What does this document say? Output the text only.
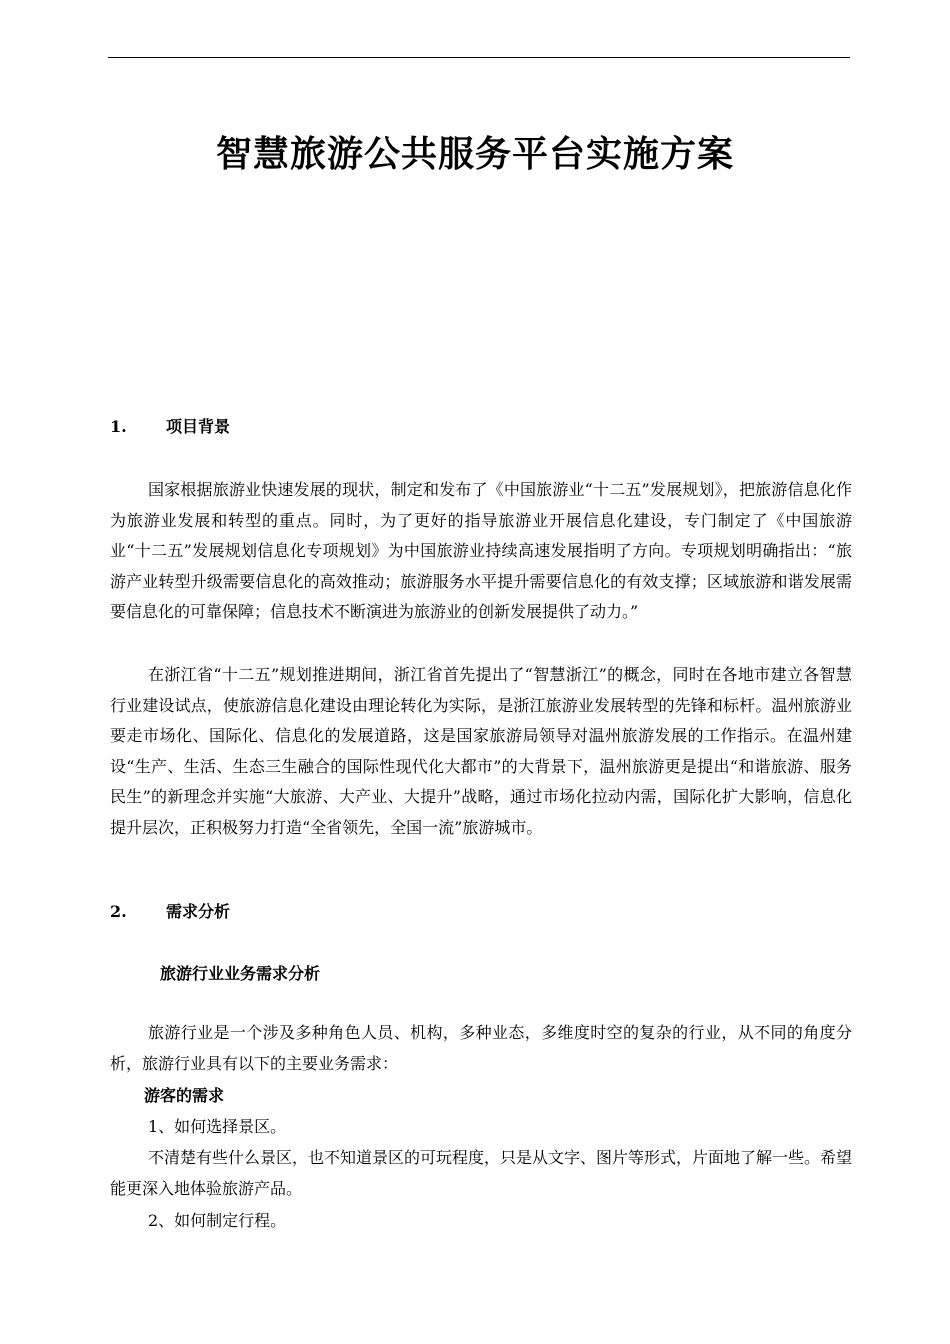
智慧旅游公共服务平台实施方案
1. 项目背景

国家根据旅游业快速发展的现状，制定和发布了《中国旅游业“十二五”发展规划》，把旅游信息化作为旅游业发展和转型的重点。同时，为了更好的指导旅游业开展信息化建设，专门制定了《中国旅游业“十二五”发展规划信息化专项规划》为中国旅游业持续高速发展指明了方向。专项规划明确指出：“旅游产业转型升级需要信息化的高效推动；旅游服务水平提升需要信息化的有效支撑；区域旅游和谐发展需要信息化的可靠保障；信息技术不断演进为旅游业的创新发展提供了动力。”

在浙江省“十二五”规划推进期间，浙江省首先提出了“智慧浙江”的概念，同时在各地市建立各智慧行业建设试点，使旅游信息化建设由理论转化为实际，是浙江旅游业发展转型的先锋和标杆。温州旅游业要走市场化、国际化、信息化的发展道路，这是国家旅游局领导对温州旅游发展的工作指示。在温州建设“生产、生活、生态三生融合的国际性现代化大都市”的大背景下，温州旅游更是提出“和谐旅游、服务民生”的新理念并实施“大旅游、大产业、大提升”战略，通过市场化拉动内需，国际化扩大影响，信息化提升层次，正积极努力打造“全省领先，全国一流”旅游城市。

2. 需求分析
旅游行业业务需求分析

旅游行业是一个涉及多种角色人员、机构，多种业态，多维度时空的复杂的行业，从不同的角度分析，旅游行业具有以下的主要业务需求：

游客的需求
1、如何选择景区。

不清楚有些什么景区，也不知道景区的可玩程度，只是从文字、图片等形式，片面地了解一些。希望能更深入地体验旅游产品。

2、如何制定行程。
